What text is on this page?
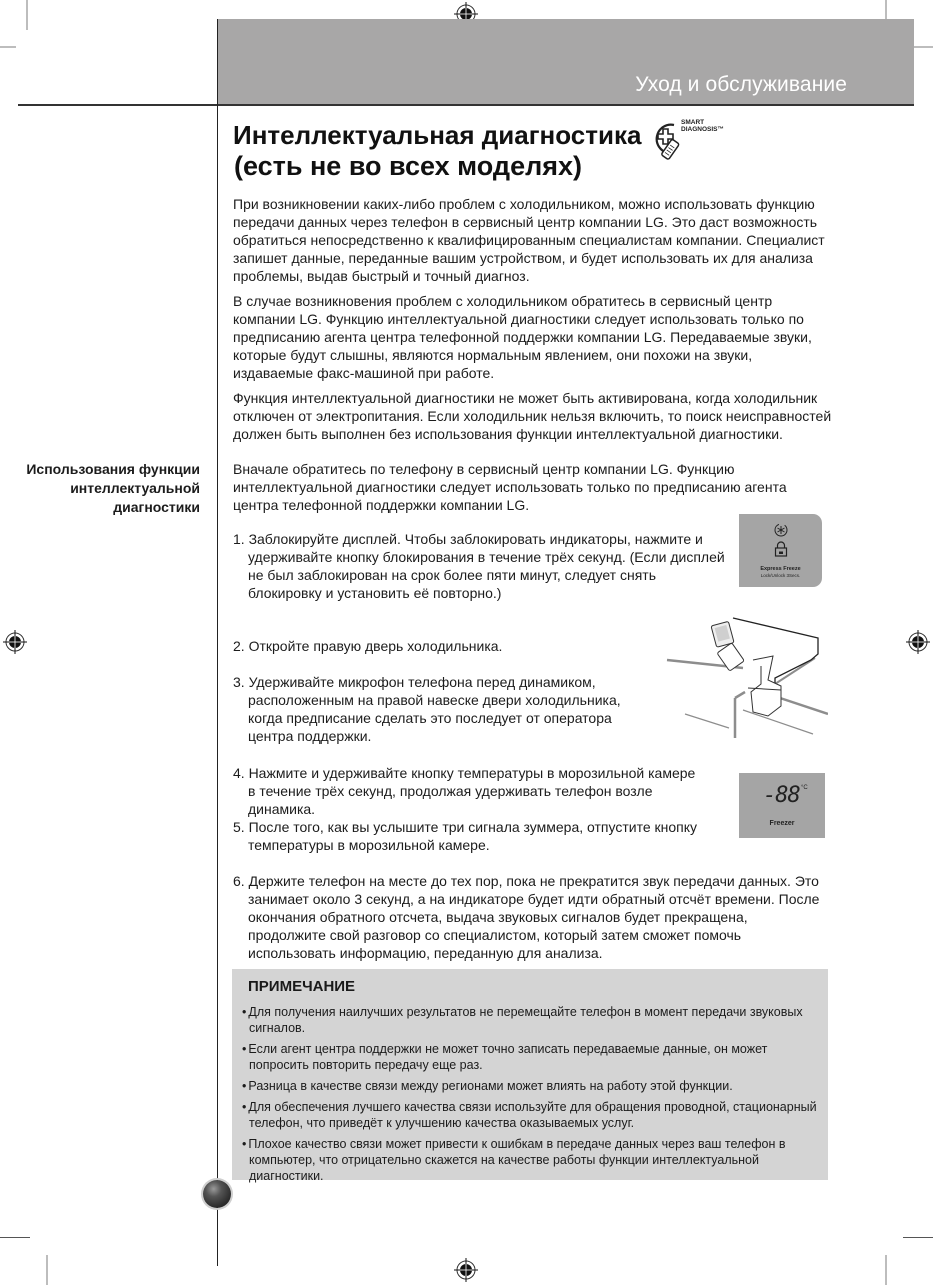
Уход и обслуживание
Интеллектуальная диагностика
(есть не во всех моделях)
SMART
DIAGNOSIS™

При возникновении каких-либо проблем с холодильником, можно использовать функцию передачи данных через телефон в сервисный центр компании LG. Это даст возможность обратиться непосредственно к квалифицированным специалистам компании. Специалист запишет данные, переданные вашим устройством, и будет использовать их для анализа проблемы, выдав быстрый и точный диагноз.

В случае возникновения проблем с холодильником обратитесь в сервисный центр компании LG. Функцию интеллектуальной диагностики следует использовать только по предписанию агента центра телефонной поддержки компании LG. Передаваемые звуки, которые будут слышны, являются нормальным явлением, они похожи на звуки, издаваемые факс-машиной при работе.

Функция интеллектуальной диагностики не может быть активирована, когда холодильник отключен от электропитания. Если холодильник нельзя включить, то поиск неисправностей должен быть выполнен без использования функции интеллектуальной диагностики.

Использования функции интеллектуальной диагностики
Вначале обратитесь по телефону в сервисный центр компании LG. Функцию интеллектуальной диагностики следует использовать только по предписанию агента центра телефонной поддержки компании LG.
1. Заблокируйте дисплей. Чтобы заблокировать индикаторы, нажмите и удерживайте кнопку блокирования в течение трёх секунд. (Если дисплей не был заблокирован на срок более пяти минут, следует снять блокировку и установить её повторно.)
2. Откройте правую дверь холодильника.
3. Удерживайте микрофон телефона перед динамиком, расположенным на правой навеске двери холодильника, когда предписание сделать это последует от оператора центра поддержки.
4. Нажмите и удерживайте кнопку температуры в морозильной камере в течение трёх секунд, продолжая удерживать телефон возле динамика.
5. После того, как вы услышите три сигнала зуммера, отпустите кнопку температуры в морозильной камере.
6. Держите телефон на месте до тех пор, пока не прекратится звук передачи данных. Это занимает около 3 секунд, а на индикаторе будет идти обратный отсчёт времени. После окончания обратного отсчета, выдача звуковых сигналов будет прекращена, продолжите свой разговор со специалистом, который затем сможет помочь использовать информацию, переданную для анализа.
Express Freeze
Lock/Unlock 3Secs.
-88 °C
Freezer
ПРИМЕЧАНИЕ
• Для получения наилучших результатов не перемещайте телефон в момент передачи звуковых сигналов.
• Если агент центра поддержки не может точно записать передаваемые данные, он может попросить повторить передачу еще раз.
• Разница в качестве связи между регионами может влиять на работу этой функции.
• Для обеспечения лучшего качества связи используйте для обращения проводной, стационарный телефон, что приведёт к улучшению качества оказываемых услуг.
• Плохое качество связи может привести к ошибкам в передаче данных через ваш телефон в компьютер, что отрицательно скажется на качестве работы функции интеллектуальной диагностики.
